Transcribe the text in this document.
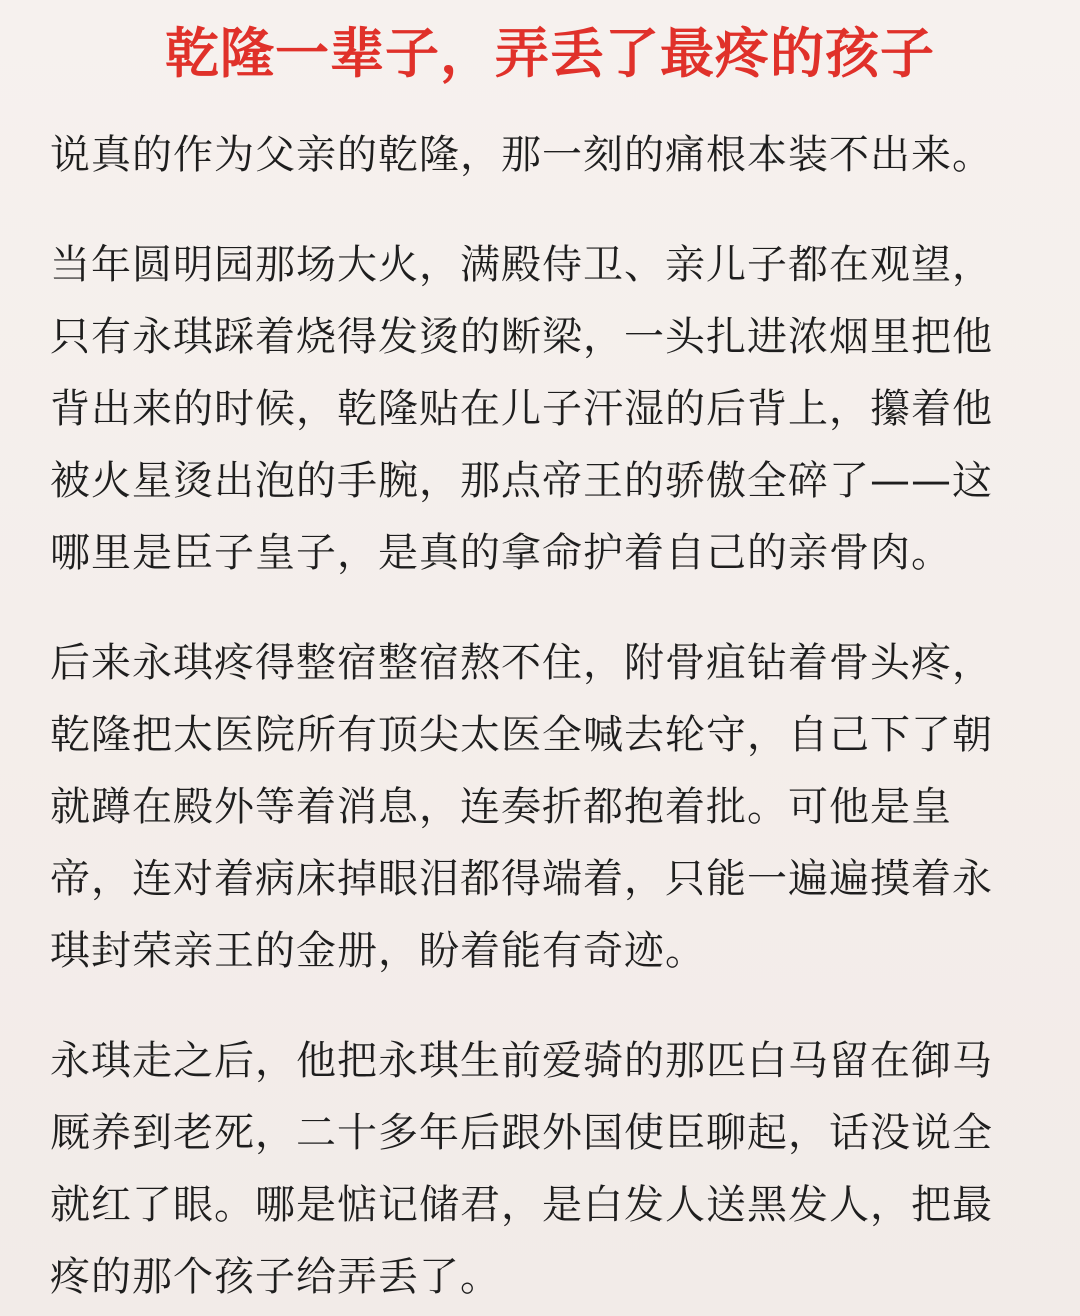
乾隆一辈子，弄丢了最疼的孩子

说真的作为父亲的乾隆，那一刻的痛根本装不出来。

当年圆明园那场大火，满殿侍卫、亲儿子都在观望，
只有永琪踩着烧得发烫的断梁，一头扎进浓烟里把他
背出来的时候，乾隆贴在儿子汗湿的后背上，攥着他
被火星烫出泡的手腕，那点帝王的骄傲全碎了——这
哪里是臣子皇子，是真的拿命护着自己的亲骨肉。

后来永琪疼得整宿整宿熬不住，附骨疽钻着骨头疼，
乾隆把太医院所有顶尖太医全喊去轮守，自己下了朝
就蹲在殿外等着消息，连奏折都抱着批。可他是皇
帝，连对着病床掉眼泪都得端着，只能一遍遍摸着永
琪封荣亲王的金册，盼着能有奇迹。

永琪走之后，他把永琪生前爱骑的那匹白马留在御马
厩养到老死，二十多年后跟外国使臣聊起，话没说全
就红了眼。哪是惦记储君，是白发人送黑发人，把最
疼的那个孩子给弄丢了。
